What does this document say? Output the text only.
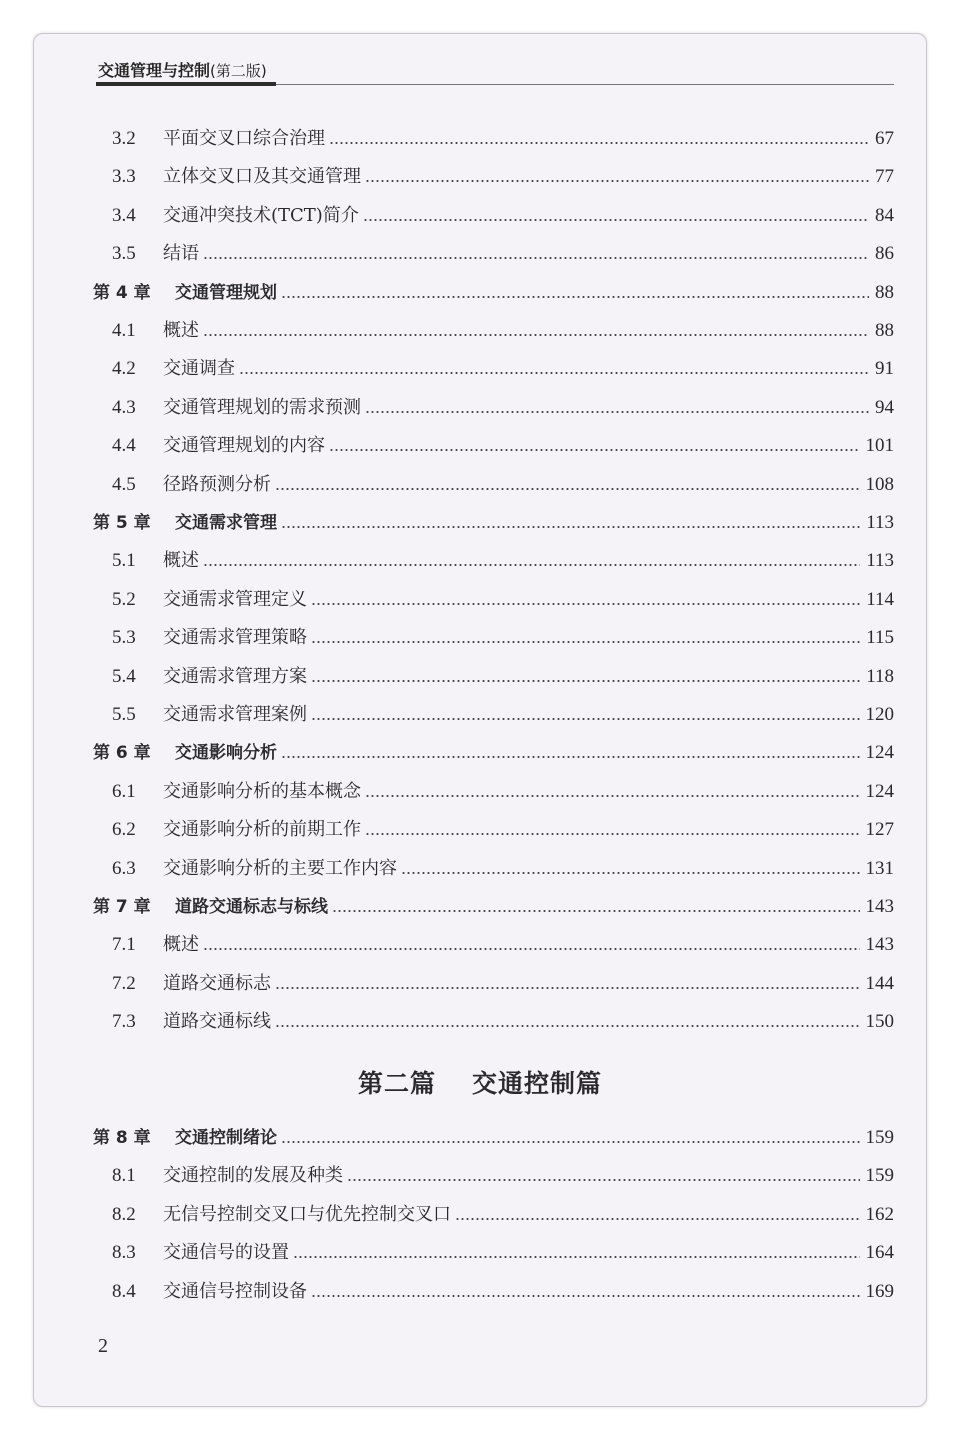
交通管理与控制(第二版)
3.2	平面交叉口综合治理	67
3.3	立体交叉口及其交通管理	77
3.4	交通冲突技术(TCT)简介	84
3.5	结语	86
第 4 章	交通管理规划	88
4.1	概述	88
4.2	交通调查	91
4.3	交通管理规划的需求预测	94
4.4	交通管理规划的内容	101
4.5	径路预测分析	108
第 5 章	交通需求管理	113
5.1	概述	113
5.2	交通需求管理定义	114
5.3	交通需求管理策略	115
5.4	交通需求管理方案	118
5.5	交通需求管理案例	120
第 6 章	交通影响分析	124
6.1	交通影响分析的基本概念	124
6.2	交通影响分析的前期工作	127
6.3	交通影响分析的主要工作内容	131
第 7 章	道路交通标志与标线	143
7.1	概述	143
7.2	道路交通标志	144
7.3	道路交通标线	150
第 8 章	交通控制绪论	159
8.1	交通控制的发展及种类	159
8.2	无信号控制交叉口与优先控制交叉口	162
8.3	交通信号的设置	164
8.4	交通信号控制设备	169
第二篇 交通控制篇
2
